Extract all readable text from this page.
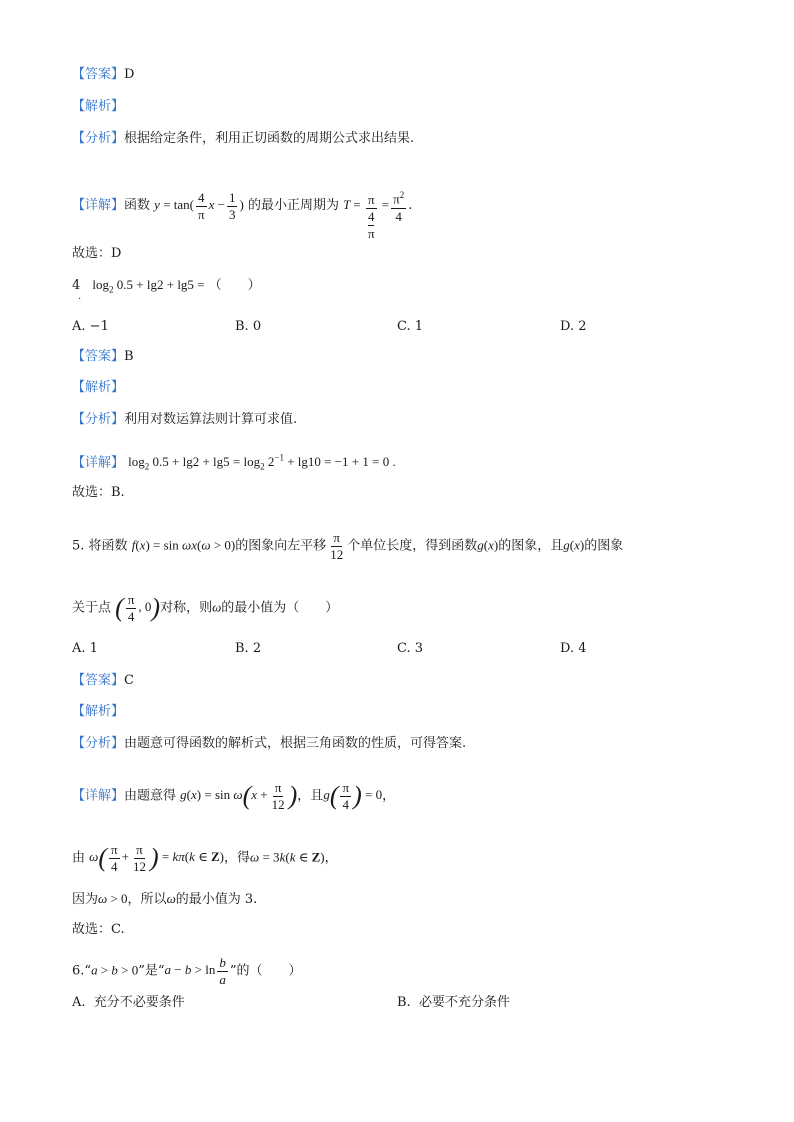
【答案】D
【解析】
【分析】根据给定条件，利用正切函数的周期公式求出结果.
【详解】函数 $y = \tan( \frac{4}{\pi}$ $x - \frac{1}{3}$ ) 的最小正周期为 T = π
4
$\pi = \frac{\pi^2}{4}$ .
故选：D
4 $\log_2 0.5 + \lg 2 + \lg 5$ = （　　）
.
A. −1	B. 0	C. 1	D. 2
【答案】B
【解析】
【分析】利用对数运算法则计算可求值.
【详解】 $\log_2 0.5 + \lg 2 + \lg 5 = \log_2 2^{-1} + \lg 10 = -1 + 1 = 0$ .
故选：B.
5. 将函数 f(x) = sin ωx(ω > 0)的图象向左平移 $\frac{\pi}{12}$ 个单位长度，得到函数g(x)的图象，且g(x)的图象
关于点 ( $\frac{\pi}{4}$ , 0)对称，则ω的最小值为（　　）
A. 1	B. 2	C. 3	D. 4
【答案】C
【解析】
【分析】由题意可得函数的解析式，根据三角函数的性质，可得答案.
【详解】由题意得 $g(x) = \sin \omega(x + \frac{\pi}{12}$ )，且$g( \frac{\pi}{4}$ ) = 0，
由 $\omega( \frac{\pi}{4} + \frac{\pi}{12}$ ) = kπ(k ∈ Z)，得ω = 3k(k ∈ Z)，
因为ω > 0，所以ω的最小值为 3.
故选：C.
6.“a > b > 0”是“$a - b > \ln \frac{b}{a}$ ”的（　　）
A. 充分不必要条件	B. 必要不充分条件
